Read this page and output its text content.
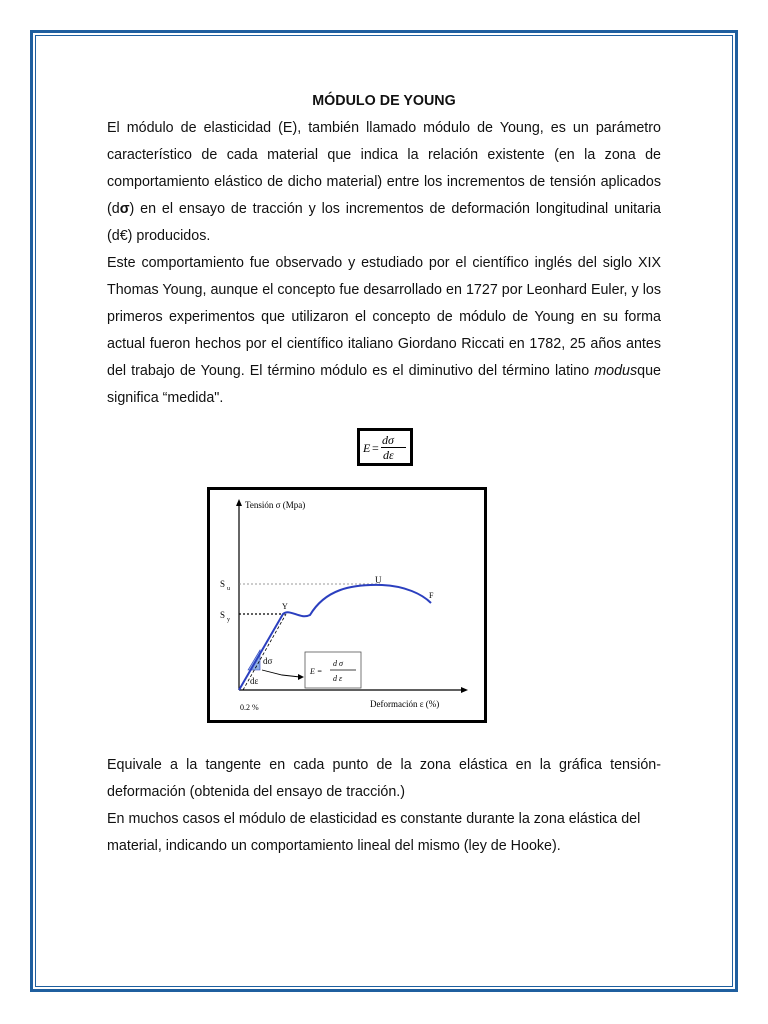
MÓDULO DE YOUNG

El módulo de elasticidad (E), también llamado módulo de Young, es un parámetro característico de cada material que indica la relación existente (en la zona de comportamiento elástico de dicho material) entre los incrementos de tensión aplicados (dσ) en el ensayo de tracción y los incrementos de deformación longitudinal unitaria (d€) producidos.

Este comportamiento fue observado y estudiado por el científico inglés del siglo XIX Thomas Young, aunque el concepto fue desarrollado en 1727 por Leonhard Euler, y los primeros experimentos que utilizaron el concepto de módulo de Young en su forma actual fueron hechos por el científico italiano Giordano Riccati en 1782, 25 años antes del trabajo de Young. El término módulo es el diminutivo del término latino modusque significa “medida".

E =
dσ
dε
Tensión σ (Mpa)
Deformación ε (%)
0.2 %
S u
S y
Y
U
F
dσ
dε
E =
d σ
d ε

Equivale a la tangente en cada punto de la zona elástica en la gráfica tensión-deformación (obtenida del ensayo de tracción.)

En muchos casos el módulo de elasticidad es constante durante la zona elástica del material, indicando un comportamiento lineal del mismo (ley de Hooke).
